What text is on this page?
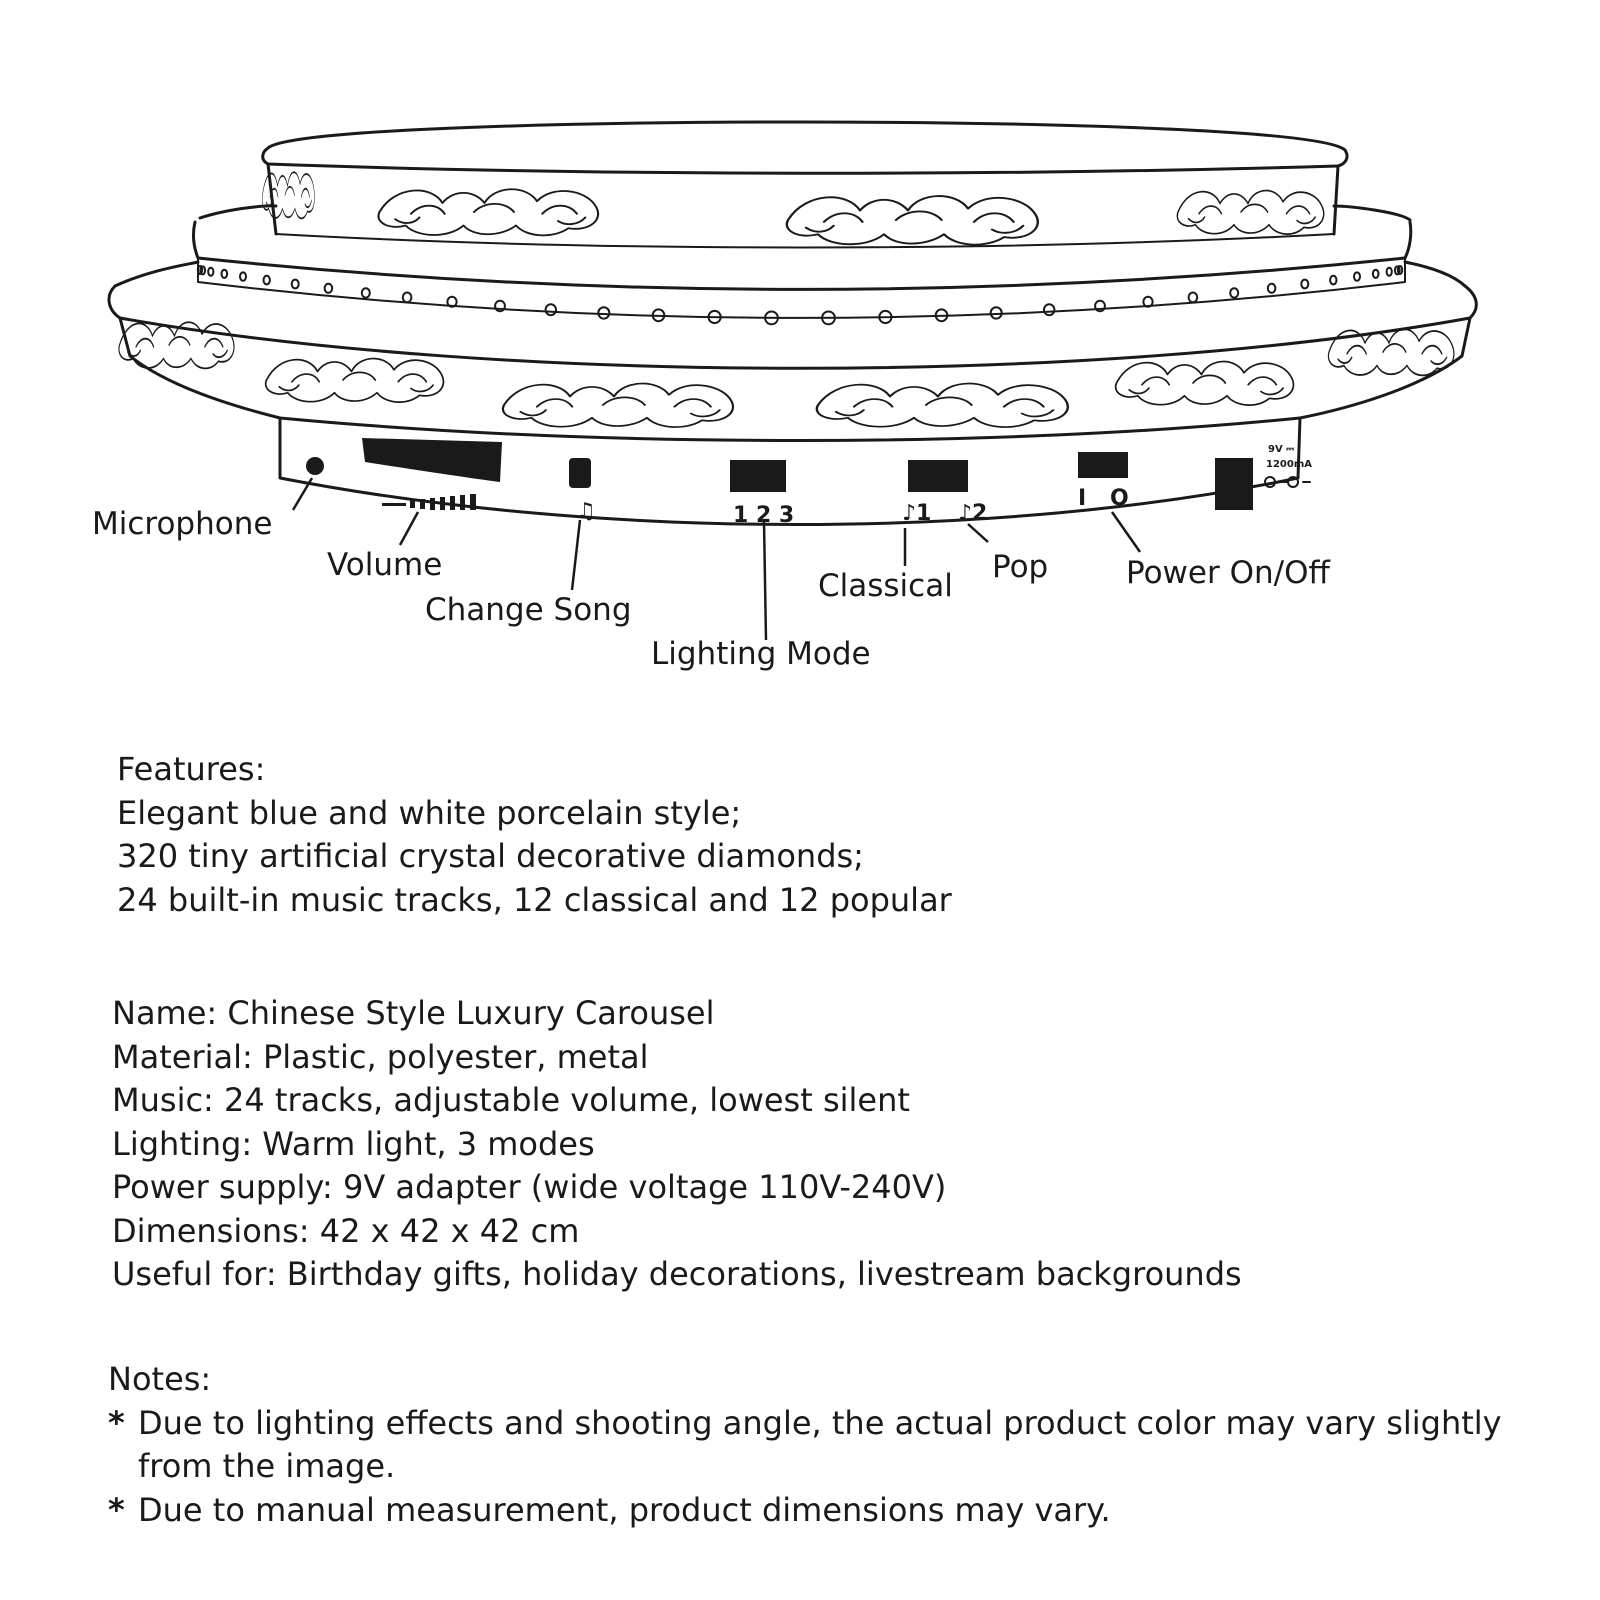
♫	1 2 3	♪1 ♪2
I O
9V ⎓
1200mA
Microphone
Volume
Change Song
Lighting Mode
Classical
Pop	Power On/Off
Features:
Elegant blue and white porcelain style;
320 tiny artificial crystal decorative diamonds;
24 built-in music tracks, 12 classical and 12 popular
Name: Chinese Style Luxury Carousel
Material: Plastic, polyester, metal
Music: 24 tracks, adjustable volume, lowest silent
Lighting: Warm light, 3 modes
Power supply: 9V adapter (wide voltage 110V-240V)
Dimensions: 42 x 42 x 42 cm
Useful for: Birthday gifts, holiday decorations, livestream backgrounds
Notes:
* Due to lighting effects and shooting angle, the actual product color may vary slightly from the image.
* Due to manual measurement, product dimensions may vary.
